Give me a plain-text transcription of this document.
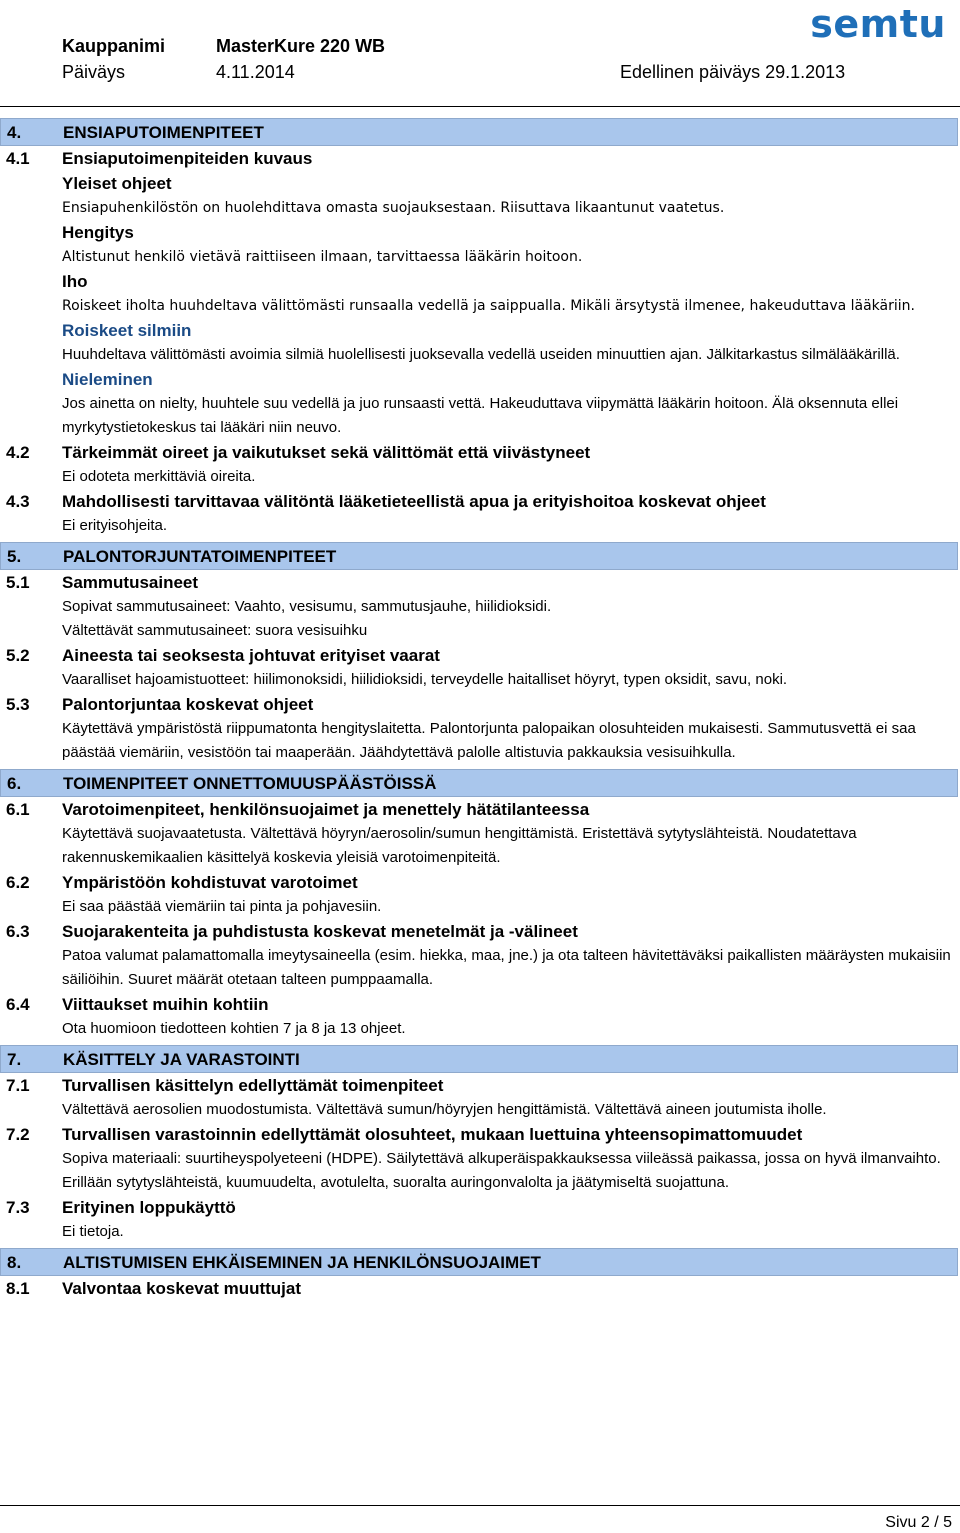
Kauppanimi	MasterKure 220 WB
Päiväys	4.11.2014	Edellinen päiväys 29.1.2013
semtu
4. ENSIAPUTOIMENPITEET
4.1 Ensiaputoimenpiteiden kuvaus
Yleiset ohjeet
Ensiapuhenkilöstön on huolehdittava omasta suojauksestaan. Riisuttava likaantunut vaatetus.
Hengitys
Altistunut henkilö vietävä raittiiseen ilmaan, tarvittaessa lääkärin hoitoon.
Iho
Roiskeet iholta huuhdeltava välittömästi runsaalla vedellä ja saippualla. Mikäli ärsytystä ilmenee, hakeuduttava lääkäriin.
Roiskeet silmiin
Huuhdeltava välittömästi avoimia silmiä huolellisesti juoksevalla vedellä useiden minuuttien ajan. Jälkitarkastus silmälääkärillä.
Nieleminen
Jos ainetta on nielty, huuhtele suu vedellä ja juo runsaasti vettä. Hakeuduttava viipymättä lääkärin hoitoon. Älä oksennuta ellei myrkytystietokeskus tai lääkäri niin neuvo.
4.2 Tärkeimmät oireet ja vaikutukset sekä välittömät että viivästyneet
Ei odoteta merkittäviä oireita.
4.3 Mahdollisesti tarvittavaa välitöntä lääketieteellistä apua ja erityishoitoa koskevat ohjeet
Ei erityisohjeita.
5. PALONTORJUNTATOIMENPITEET
5.1 Sammutusaineet
Sopivat sammutusaineet: Vaahto, vesisumu, sammutusjauhe, hiilidioksidi.
Vältettävät sammutusaineet: suora vesisuihku
5.2 Aineesta tai seoksesta johtuvat erityiset vaarat
Vaaralliset hajoamistuotteet: hiilimonoksidi, hiilidioksidi, terveydelle haitalliset höyryt, typen oksidit, savu, noki.
5.3 Palontorjuntaa koskevat ohjeet
Käytettävä ympäristöstä riippumatonta hengityslaitetta. Palontorjunta palopaikan olosuhteiden mukaisesti. Sammutusvettä ei saa päästää viemäriin, vesistöön tai maaperään. Jäähdytettävä palolle altistuvia pakkauksia vesisuihkulla.
6. TOIMENPITEET ONNETTOMUUSPÄÄSTÖISSÄ
6.1 Varotoimenpiteet, henkilönsuojaimet ja menettely hätätilanteessa
Käytettävä suojavaatetusta. Vältettävä höyryn/aerosolin/sumun hengittämistä. Eristettävä sytytyslähteistä. Noudatettava rakennuskemikaalien käsittelyä koskevia yleisiä varotoimenpiteitä.
6.2 Ympäristöön kohdistuvat varotoimet
Ei saa päästää viemäriin tai pinta ja pohjavesiin.
6.3 Suojarakenteita ja puhdistusta koskevat menetelmät ja -välineet
Patoa valumat palamattomalla imeytysaineella (esim. hiekka, maa, jne.) ja ota talteen hävitettäväksi paikallisten määräysten mukaisiin säiliöihin. Suuret määrät otetaan talteen pumppaamalla.
6.4 Viittaukset muihin kohtiin
Ota huomioon tiedotteen kohtien 7 ja 8 ja 13 ohjeet.
7. KÄSITTELY JA VARASTOINTI
7.1 Turvallisen käsittelyn edellyttämät toimenpiteet
Vältettävä aerosolien muodostumista. Vältettävä sumun/höyryjen hengittämistä. Vältettävä aineen joutumista iholle.
7.2 Turvallisen varastoinnin edellyttämät olosuhteet, mukaan luettuina yhteensopimattomuudet
Sopiva materiaali: suurtiheyspolyeteeni (HDPE). Säilytettävä alkuperäispakkauksessa viileässä paikassa, jossa on hyvä ilmanvaihto. Erillään sytytyslähteistä, kuumuudelta, avotulelta, suoralta auringonvalolta ja jäätymiseltä suojattuna.
7.3 Erityinen loppukäyttö
Ei tietoja.
8. ALTISTUMISEN EHKÄISEMINEN JA HENKILÖNSUOJAIMET
8.1 Valvontaa koskevat muuttujat
Sivu 2 / 5
